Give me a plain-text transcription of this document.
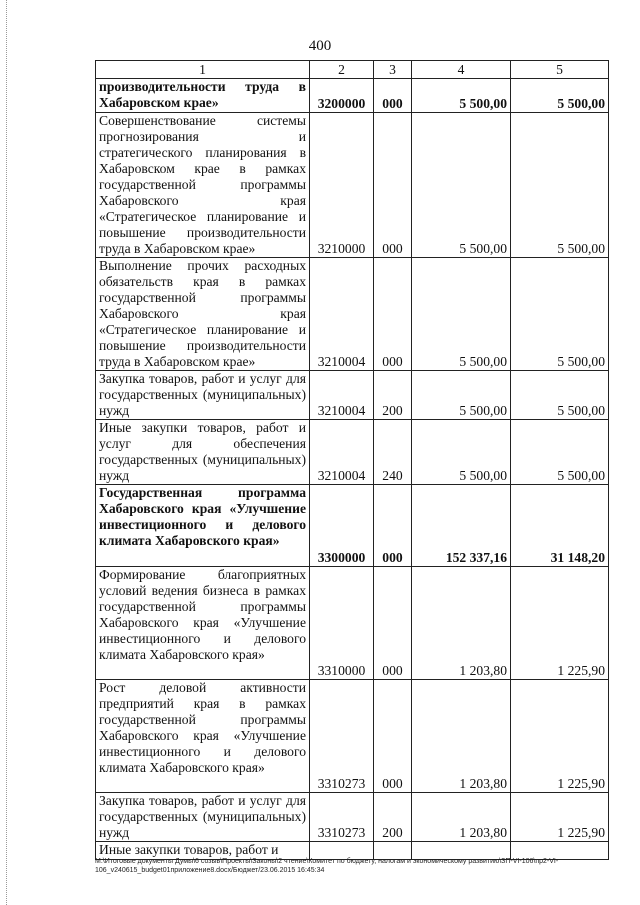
400
1	2	3	4	5
производительности труда в Хабаровском крае»	3200000	000	5 500,00	5 500,00
Совершенствование системы прогнозирования и стратегического планирования в Хабаровском крае в рамках государственной программы Хабаровского края «Стратегическое планирование и повышение производительности труда в Хабаровском крае»	3210000	000	5 500,00	5 500,00
Выполнение прочих расходных обязательств края в рамках государственной программы Хабаровского края «Стратегическое планирование и повышение производительности труда в Хабаровском крае»	3210004	000	5 500,00	5 500,00
Закупка товаров, работ и услуг для государственных (муниципальных) нужд	3210004	200	5 500,00	5 500,00
Иные закупки товаров, работ и услуг для обеспечения государственных (муниципальных) нужд	3210004	240	5 500,00	5 500,00
Государственная программа Хабаровского края «Улучшение инвестиционного и делового климата Хабаровского края»	3300000	000	152 337,16	31 148,20
Формирование благоприятных условий ведения бизнеса в рамках государственной программы Хабаровского края «Улучшение инвестиционного и делового климата Хабаровского края»	3310000	000	1 203,80	1 225,90
Рост деловой активности предприятий края в рамках государственной программы Хабаровского края «Улучшение инвестиционного и делового климата Хабаровского края»	3310273	000	1 203,80	1 225,90
Закупка товаров, работ и услуг для государственных (муниципальных) нужд	3310273	200	1 203,80	1 225,90
Иные закупки товаров, работ и				
M:\Итоговые документы Думы\6 созыв\Проекты\Законы\2 чтение\Комитет по бюджету, налогам и экономическому развитию\ЗП-VI-106\пр2-VI-
106_v240615_budget01приложение8.docx/Бюджет/23.06.2015 16:45:34
